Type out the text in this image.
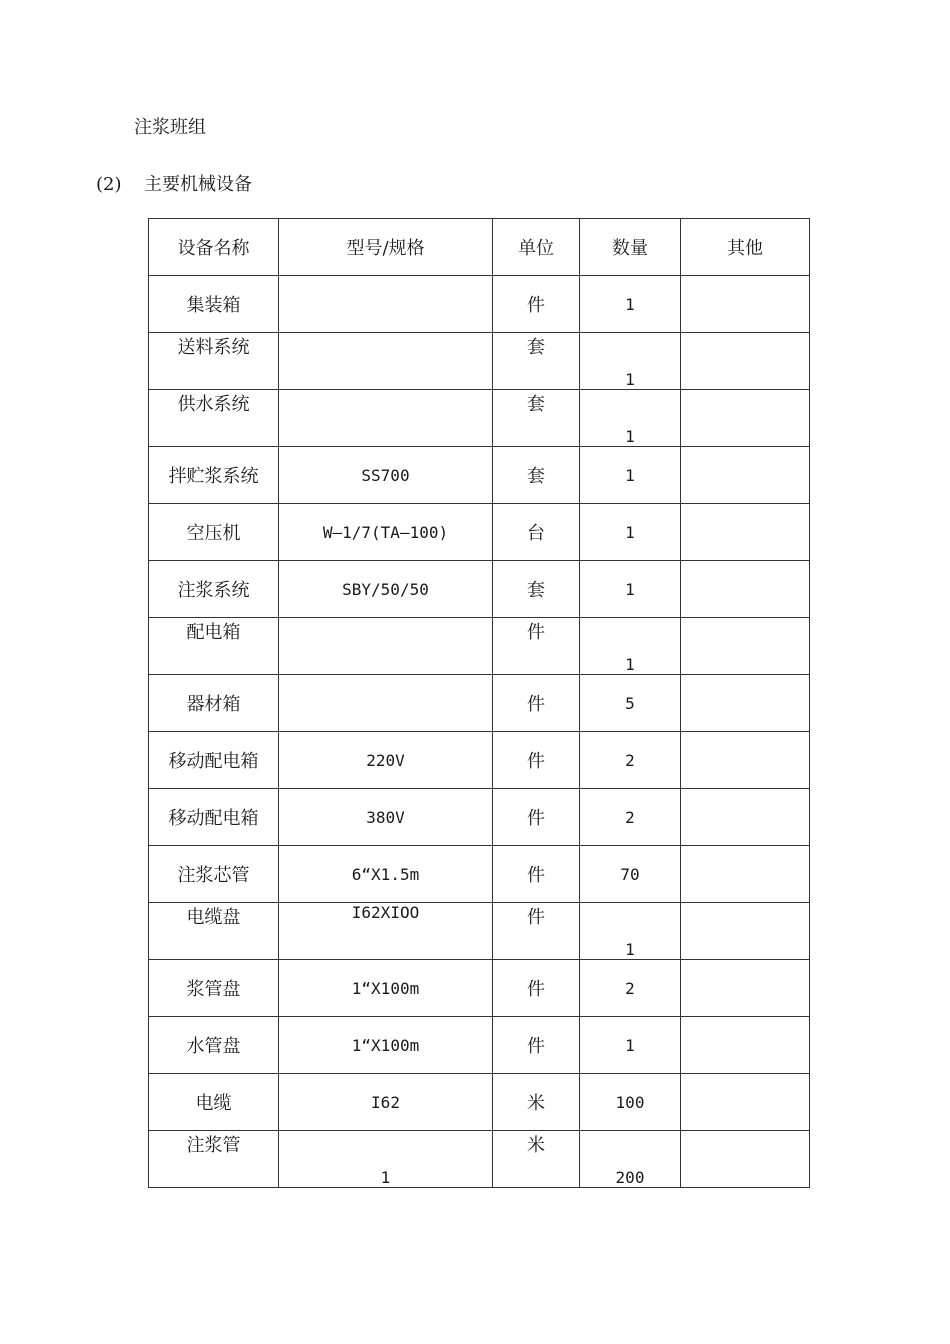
注浆班组
(2) 主要机械设备
设备名称	型号/规格	单位	数量	其他
集装箱		件	1	
送料系统		套	1	
供水系统		套	1	
拌贮浆系统	SS700	套	1	
空压机	W—1/7(TA—100)	台	1	
注浆系统	SBY/50/50	套	1	
配电箱		件	1	
器材箱		件	5	
移动配电箱	220V	件	2	
移动配电箱	380V	件	2	
注浆芯管	6“X1.5m	件	70	
电缆盘	I62XIOO	件	1	
浆管盘	1“X100m	件	2	
水管盘	1“X100m	件	1	
电缆	I62	米	100	
注浆管	1	米	200	
